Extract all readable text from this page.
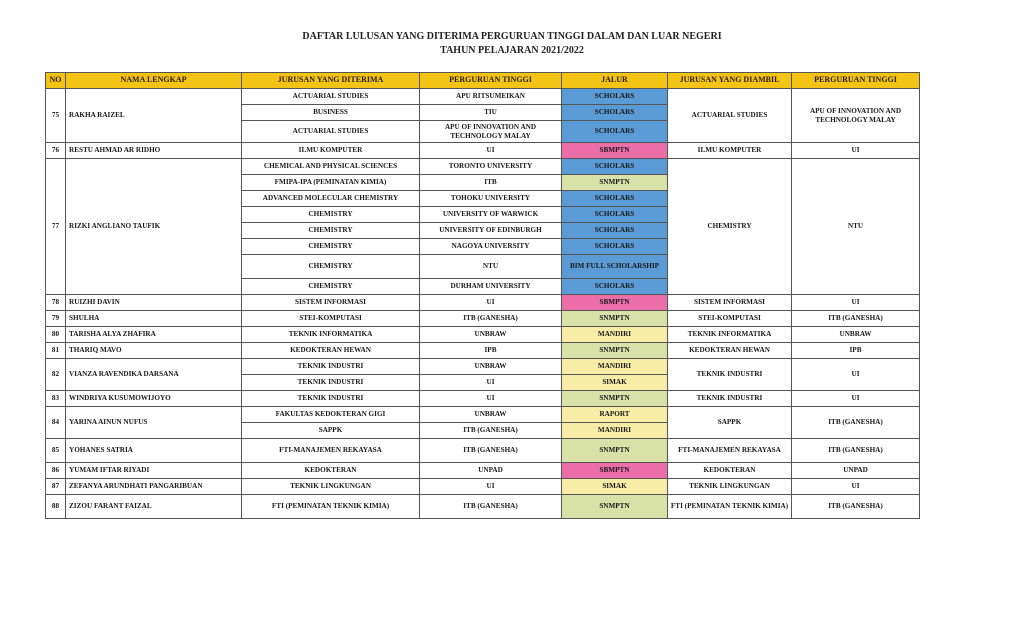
DAFTAR LULUSAN YANG DITERIMA PERGURUAN TINGGI DALAM DAN LUAR NEGERI
TAHUN PELAJARAN 2021/2022
NO	NAMA LENGKAP	JURUSAN YANG DITERIMA	PERGURUAN TINGGI	JALUR	JURUSAN YANG DIAMBIL	PERGURUAN TINGGI
75	RAKHA RAIZEL	ACTUARIAL STUDIES	APU RITSUMEIKAN	SCHOLARS	ACTUARIAL STUDIES	APU OF INNOVATION AND TECHNOLOGY MALAY
		BUSINESS	TIU	SCHOLARS		
		ACTUARIAL STUDIES	APU OF INNOVATION AND TECHNOLOGY MALAY	SCHOLARS		
76	RESTU AHMAD AR RIDHO	ILMU KOMPUTER	UI	SBMPTN	ILMU KOMPUTER	UI
77	RIZKI ANGLIANO TAUFIK	CHEMICAL AND PHYSICAL SCIENCES	TORONTO UNIVERSITY	SCHOLARS	CHEMISTRY	NTU
		FMIPA-IPA (PEMINATAN KIMIA)	ITB	SNMPTN		
		ADVANCED MOLECULAR CHEMISTRY	TOHOKU UNIVERSITY	SCHOLARS		
		CHEMISTRY	UNIVERSITY OF WARWICK	SCHOLARS		
		CHEMISTRY	UNIVERSITY OF EDINBURGH	SCHOLARS		
		CHEMISTRY	NAGOYA UNIVERSITY	SCHOLARS		
		CHEMISTRY	NTU	BIM FULL SCHOLARSHIP		
		CHEMISTRY	DURHAM UNIVERSITY	SCHOLARS		
78	RUIZHI DAVIN	SISTEM INFORMASI	UI	SBMPTN	SISTEM INFORMASI	UI
79	SHULHA	STEI-KOMPUTASI	ITB (GANESHA)	SNMPTN	STEI-KOMPUTASI	ITB (GANESHA)
80	TARISHA ALYA ZHAFIRA	TEKNIK INFORMATIKA	UNBRAW	MANDIRI	TEKNIK INFORMATIKA	UNBRAW
81	THARIQ MAVO	KEDOKTERAN HEWAN	IPB	SNMPTN	KEDOKTERAN HEWAN	IPB
82	VIANZA RAVENDIKA DARSANA	TEKNIK INDUSTRI	UNBRAW	MANDIRI	TEKNIK INDUSTRI	UI
		TEKNIK INDUSTRI	UI	SIMAK		
83	WINDRIYA KUSUMOWIJOYO	TEKNIK INDUSTRI	UI	SNMPTN	TEKNIK INDUSTRI	UI
84	YARINA AINUN NUFUS	FAKULTAS KEDOKTERAN GIGI	UNBRAW	RAPORT	SAPPK	ITB (GANESHA)
		SAPPK	ITB (GANESHA)	MANDIRI		
85	YOHANES SATRIA	FTI-MANAJEMEN REKAYASA	ITB (GANESHA)	SNMPTN	FTI-MANAJEMEN REKAYASA	ITB (GANESHA)
86	YUMAM IFTAR RIYADI	KEDOKTERAN	UNPAD	SBMPTN	KEDOKTERAN	UNPAD
87	ZEFANYA ARUNDHATI PANGARIBUAN	TEKNIK LINGKUNGAN	UI	SIMAK	TEKNIK LINGKUNGAN	UI
88	ZIZOU FARANT FAIZAL	FTI (PEMINATAN TEKNIK KIMIA)	ITB (GANESHA)	SNMPTN	FTI (PEMINATAN TEKNIK KIMIA)	ITB (GANESHA)
